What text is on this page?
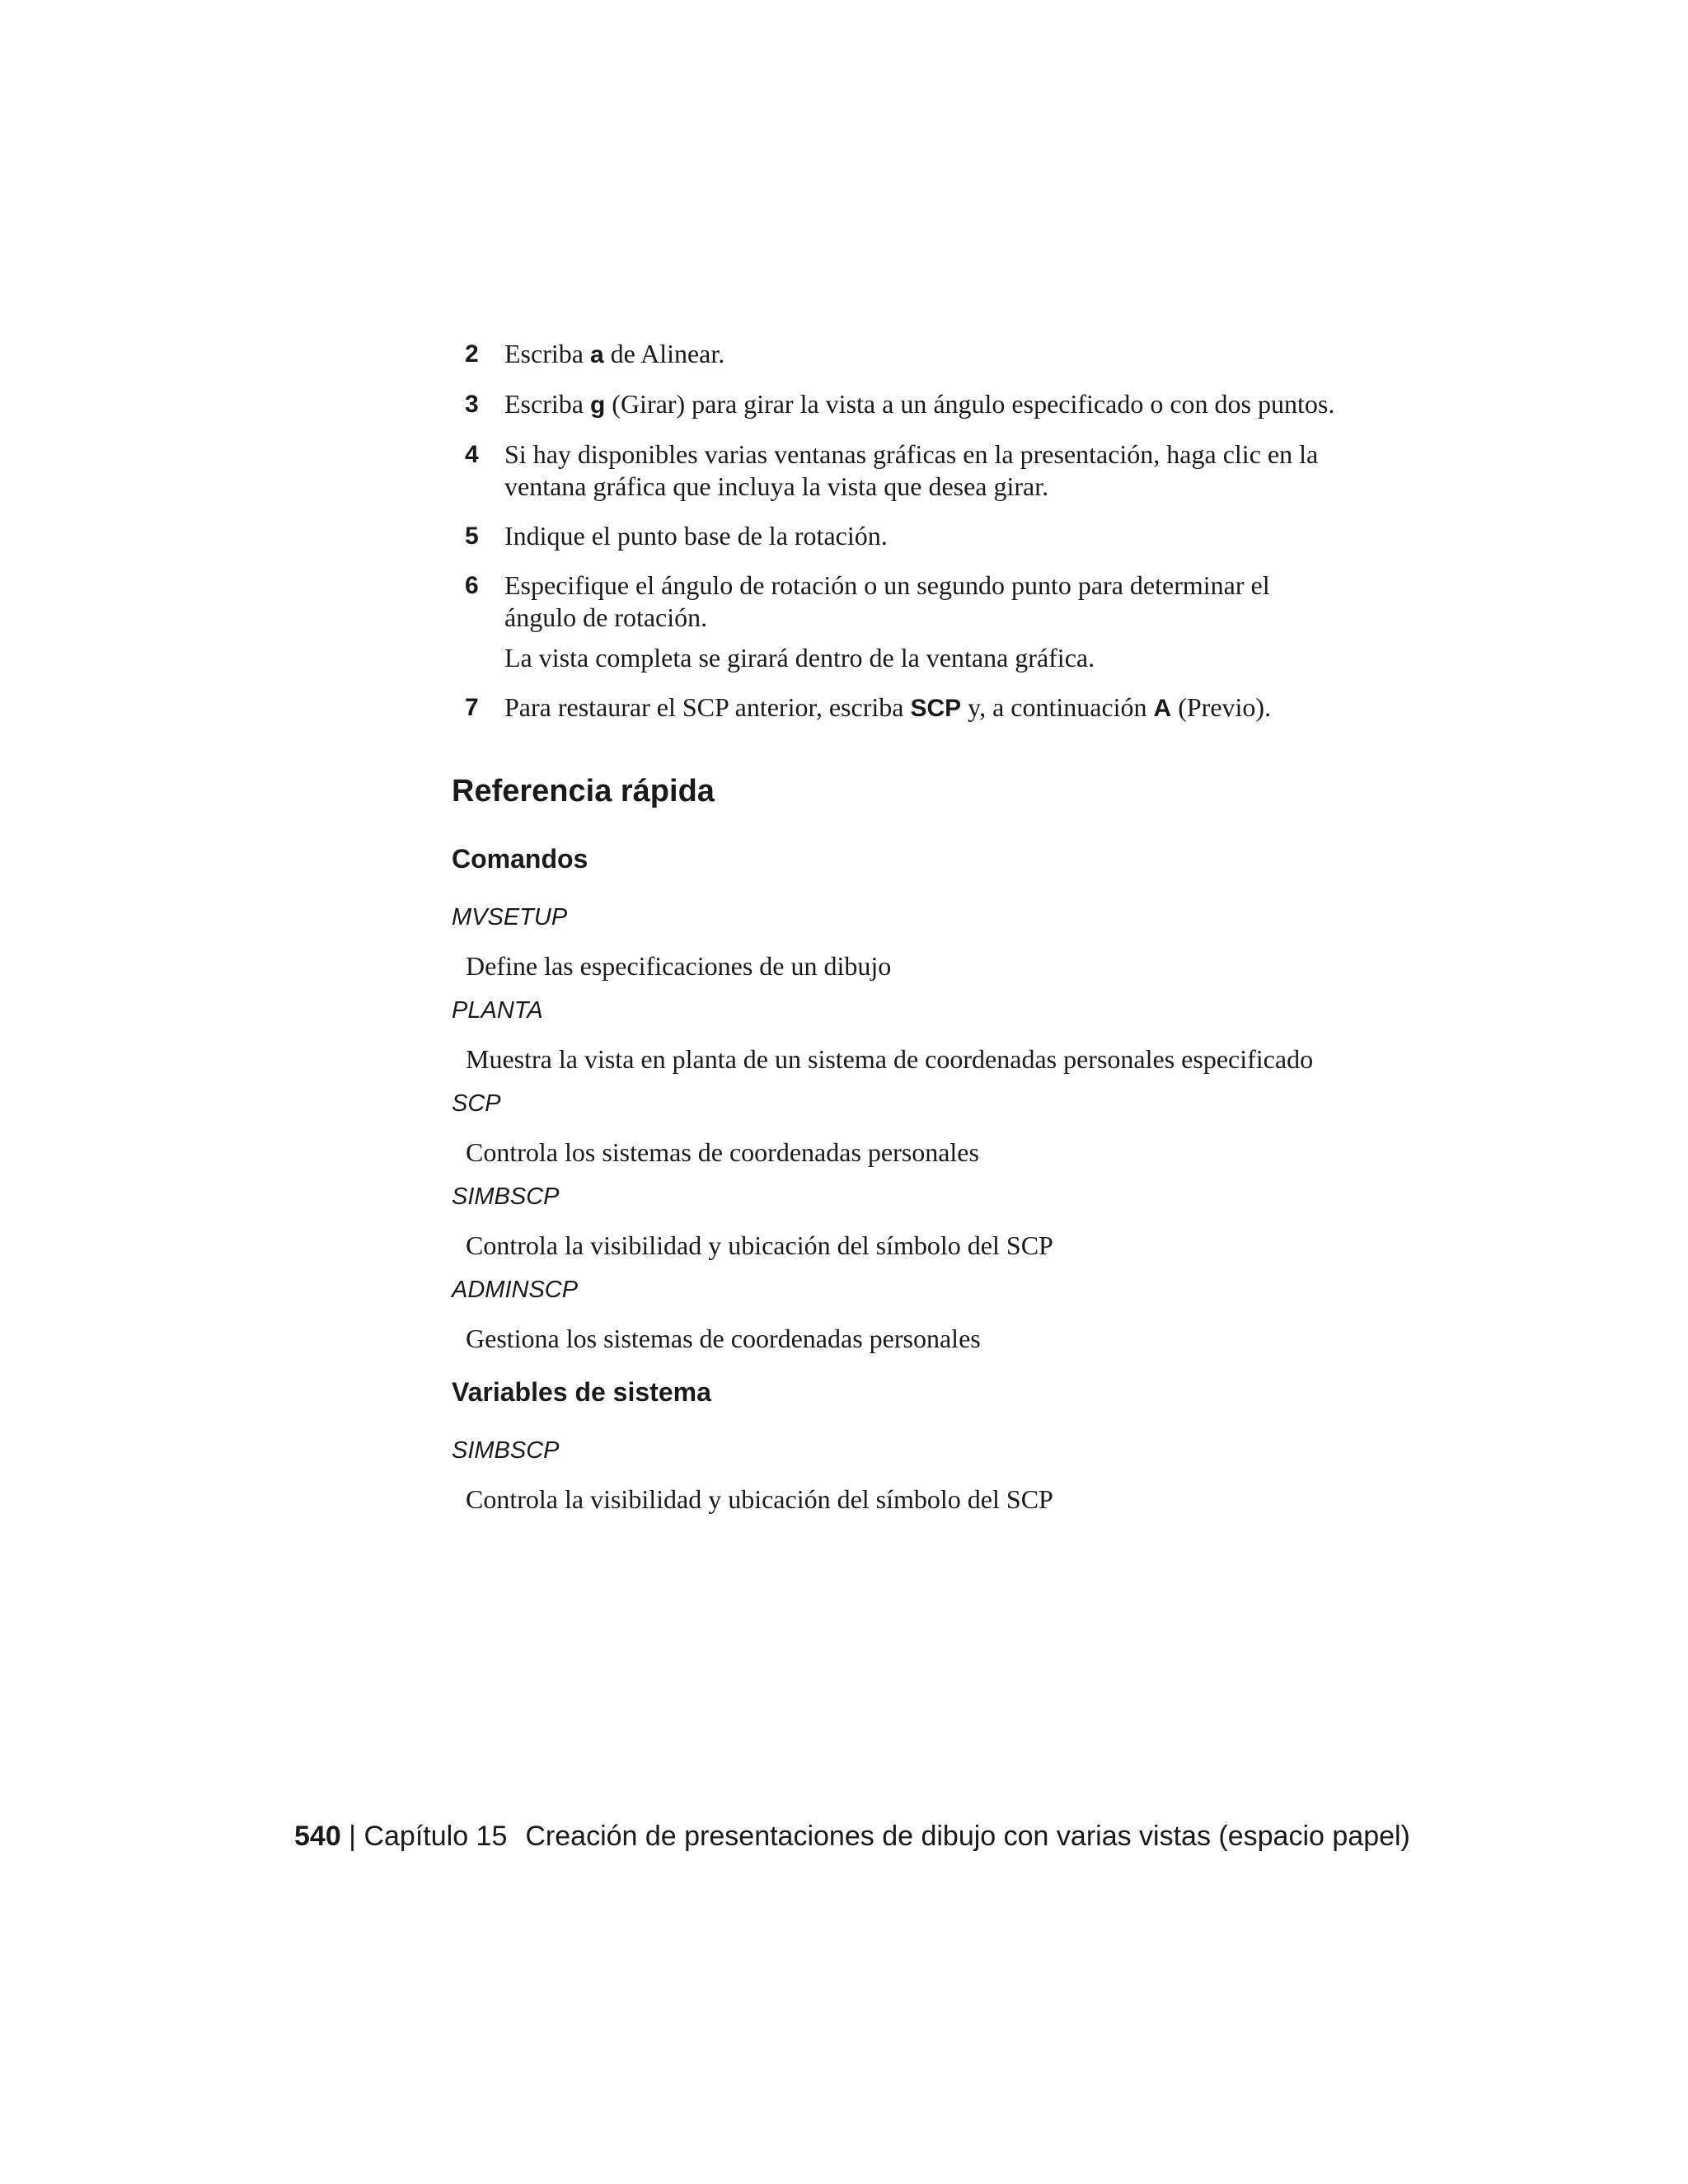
2 Escriba a de Alinear.
3 Escriba g (Girar) para girar la vista a un ángulo especificado o con dos puntos.
4 Si hay disponibles varias ventanas gráficas en la presentación, haga clic en la ventana gráfica que incluya la vista que desea girar.
5 Indique el punto base de la rotación.
6 Especifique el ángulo de rotación o un segundo punto para determinar el ángulo de rotación.
La vista completa se girará dentro de la ventana gráfica.
7 Para restaurar el SCP anterior, escriba SCP y, a continuación A (Previo).
Referencia rápida
Comandos
MVSETUP
Define las especificaciones de un dibujo
PLANTA
Muestra la vista en planta de un sistema de coordenadas personales especificado
SCP
Controla los sistemas de coordenadas personales
SIMBSCP
Controla la visibilidad y ubicación del símbolo del SCP
ADMINSCP
Gestiona los sistemas de coordenadas personales
Variables de sistema
SIMBSCP
Controla la visibilidad y ubicación del símbolo del SCP
540 | Capítulo 15 Creación de presentaciones de dibujo con varias vistas (espacio papel)
